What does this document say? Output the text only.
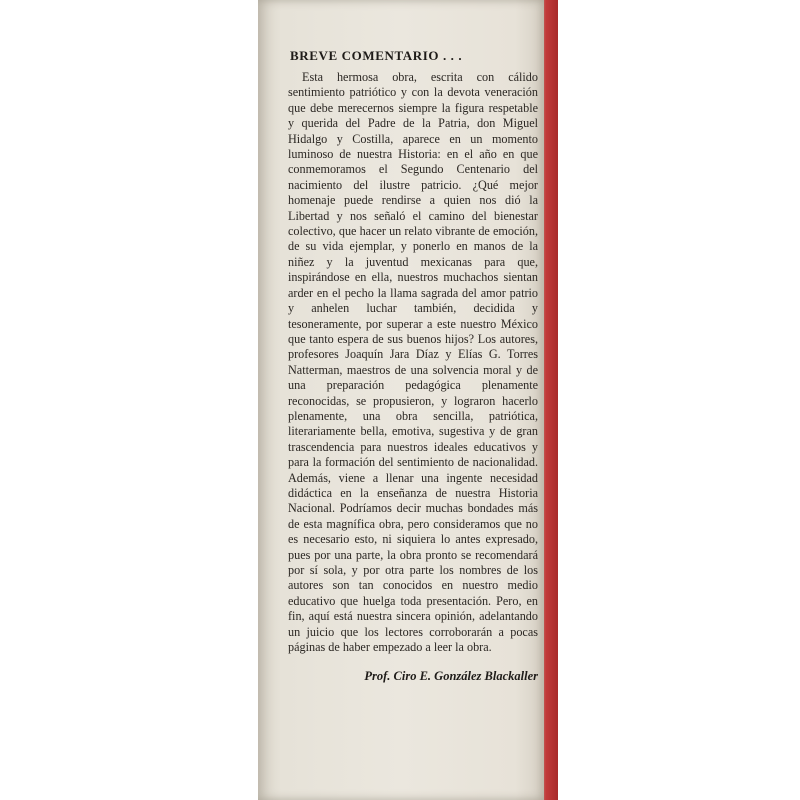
BREVE COMENTARIO . . .

Esta hermosa obra, escrita con cálido sentimiento patriótico y con la devota veneración que debe merecernos siempre la figura respetable y querida del Padre de la Patria, don Miguel Hidalgo y Costilla, aparece en un momento luminoso de nuestra Historia: en el año en que conmemoramos el Segundo Centenario del nacimiento del ilustre patricio. ¿Qué mejor homenaje puede rendirse a quien nos dió la Libertad y nos señaló el camino del bienestar colectivo, que hacer un relato vibrante de emoción, de su vida ejemplar, y ponerlo en manos de la niñez y la juventud mexicanas para que, inspirándose en ella, nuestros muchachos sientan arder en el pecho la llama sagrada del amor patrio y anhelen luchar también, decidida y tesoneramente, por superar a este nuestro México que tanto espera de sus buenos hijos? Los autores, profesores Joaquín Jara Díaz y Elías G. Torres Natterman, maestros de una solvencia moral y de una preparación pedagógica plenamente reconocidas, se propusieron, y lograron hacerlo plenamente, una obra sencilla, patriótica, literariamente bella, emotiva, sugestiva y de gran trascendencia para nuestros ideales educativos y para la formación del sentimiento de nacionalidad. Además, viene a llenar una ingente necesidad didáctica en la enseñanza de nuestra Historia Nacional. Podríamos decir muchas bondades más de esta magnífica obra, pero consideramos que no es necesario esto, ni siquiera lo antes expresado, pues por una parte, la obra pronto se recomendará por sí sola, y por otra parte los nombres de los autores son tan conocidos en nuestro medio educativo que huelga toda presentación. Pero, en fin, aquí está nuestra sincera opinión, adelantando un juicio que los lectores corroborarán a pocas páginas de haber empezado a leer la obra.

Prof. Ciro E. González Blackaller
